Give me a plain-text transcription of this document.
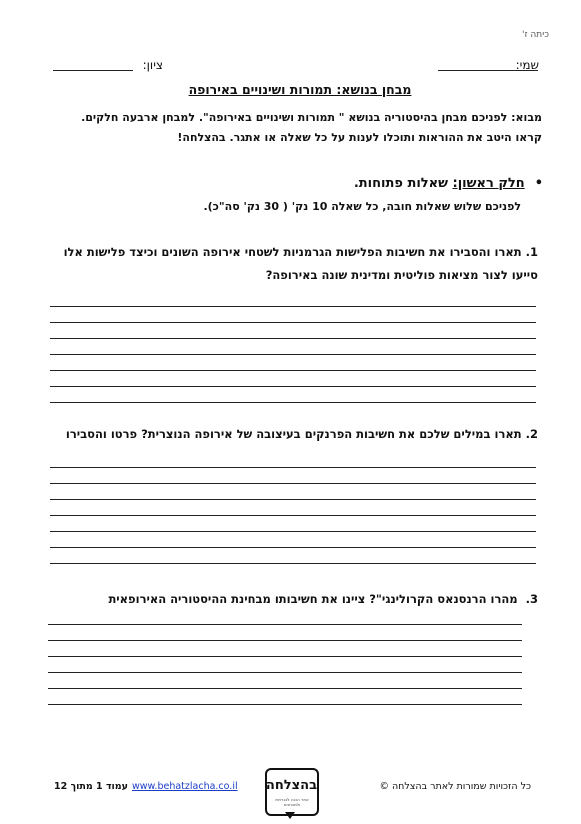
כיתה ז'
שמי:
ציון:
מבחן בנושא: תמורות ושינויים באירופה
מבוא: לפניכם מבחן בהיסטוריה בנושא " תמורות ושינויים באירופה". למבחן ארבעה חלקים.
קראו היטב את ההוראות ותוכלו לענות על כל שאלה או אתגר. בהצלחה!
•חלק ראשון: שאלות פתוחות.
לפניכם שלוש שאלות חובה, כל שאלה 10 נק' ( 30 נק' סה"כ).
1.תארו והסבירו את חשיבות הפלישות הגרמניות לשטחי אירופה השונים וכיצד פלישות אלו
סייעו לצור מציאות פוליטית ומדינית שונה באירופה?
2.תארו במילים שלכם את חשיבות הפרנקים בעיצובה של אירופה הנוצרית? פרטו והסבירו
3.מהרו הרנסנאס הקרולינגי"? ציינו את חשיבותו מבחינת ההיסטוריה האירופאית
כל הזכויות שמורות לאתר בהצלחה ©
בהצלחה
אתר הכנה לבגרויות ולמבחנים
www.behatzlacha.co.il
עמוד 1 מתוך 12
